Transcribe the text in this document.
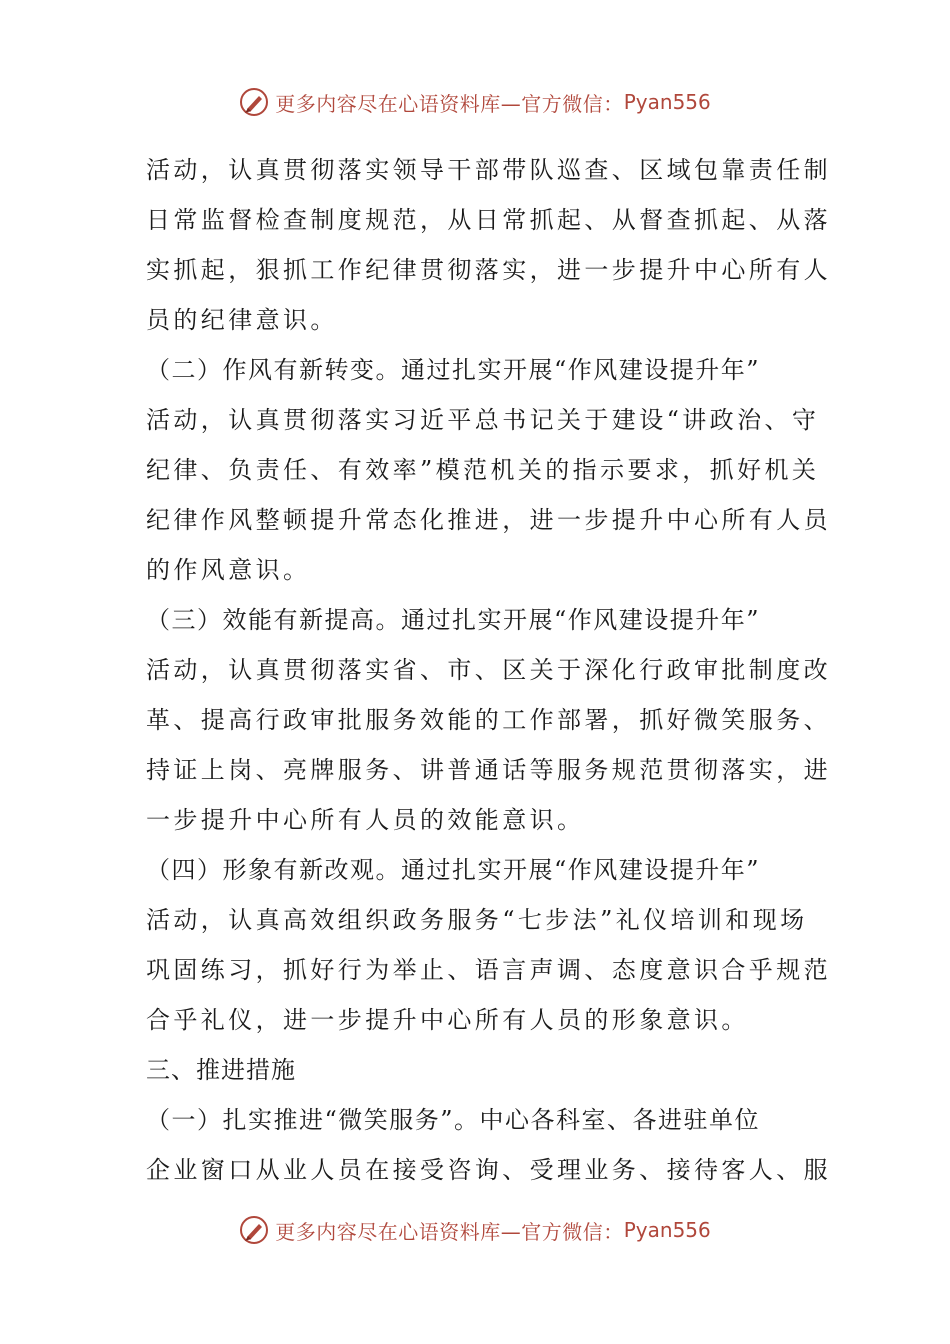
更多内容尽在心语资料库—官方微信： Pyan556
活动，认真贯彻落实领导干部带队巡查、区域包靠责任制
日常监督检查制度规范，从日常抓起、从督查抓起、从落
实抓起，狠抓工作纪律贯彻落实，进一步提升中心所有人
员的纪律意识。
（二）作风有新转变。通过扎实开展“作风建设提升年”
活动，认真贯彻落实习近平总书记关于建设“讲政治、守
纪律、负责任、有效率”模范机关的指示要求，抓好机关
纪律作风整顿提升常态化推进，进一步提升中心所有人员
的作风意识。
（三）效能有新提高。通过扎实开展“作风建设提升年”
活动，认真贯彻落实省、市、区关于深化行政审批制度改
革、提高行政审批服务效能的工作部署，抓好微笑服务、
持证上岗、亮牌服务、讲普通话等服务规范贯彻落实，进
一步提升中心所有人员的效能意识。
（四）形象有新改观。通过扎实开展“作风建设提升年”
活动，认真高效组织政务服务“七步法”礼仪培训和现场
巩固练习，抓好行为举止、语言声调、态度意识合乎规范
合乎礼仪，进一步提升中心所有人员的形象意识。
三、推进措施
（一）扎实推进“微笑服务”。中心各科室、各进驻单位
企业窗口从业人员在接受咨询、受理业务、接待客人、服
更多内容尽在心语资料库—官方微信： Pyan556
